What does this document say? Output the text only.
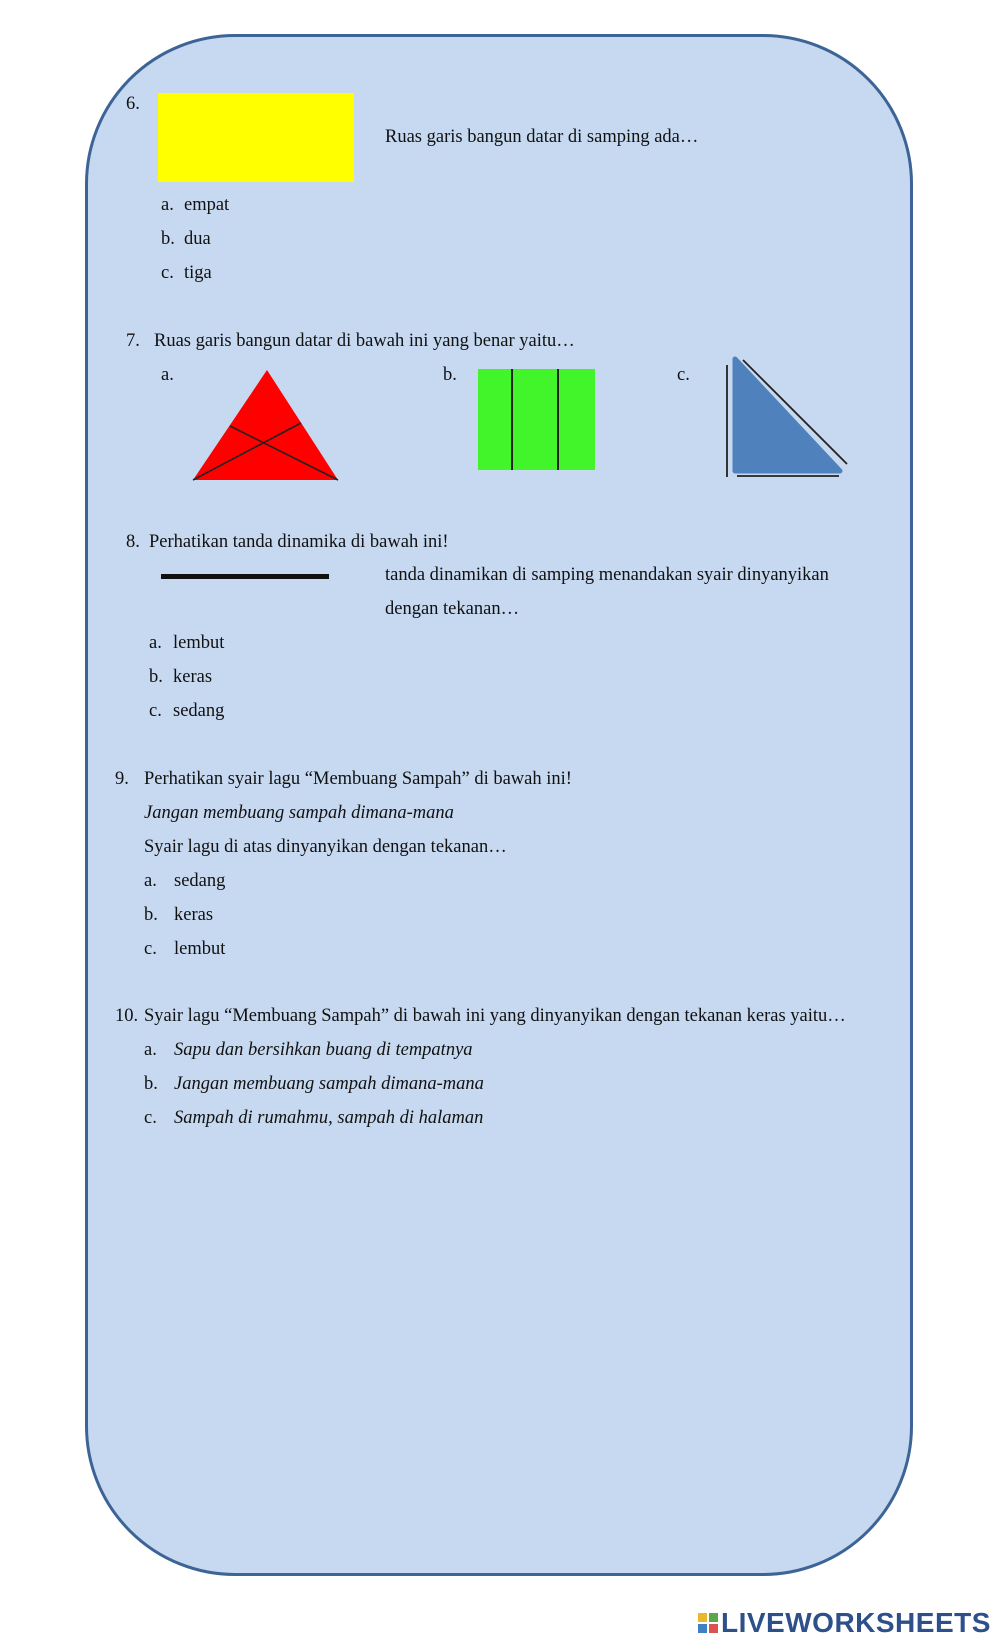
6.
Ruas garis bangun datar di samping ada…
a. empat
b. dua
c. tiga
7. Ruas garis bangun datar di bawah ini yang benar yaitu…
a.	b.	c.
8. Perhatikan tanda dinamika di bawah ini!
tanda dinamikan di samping menandakan syair dinyanyikan
dengan tekanan…
a. lembut
b. keras
c. sedang
9. Perhatikan syair lagu “Membuang Sampah” di bawah ini!
Jangan membuang sampah dimana-mana
Syair lagu di atas dinyanyikan dengan tekanan…
a. sedang
b. keras
c. lembut
10. Syair lagu “Membuang Sampah” di bawah ini yang dinyanyikan dengan tekanan keras yaitu…
a. Sapu dan bersihkan buang di tempatnya
b. Jangan membuang sampah dimana-mana
c. Sampah di rumahmu, sampah di halaman
LIVEWORKSHEETS
